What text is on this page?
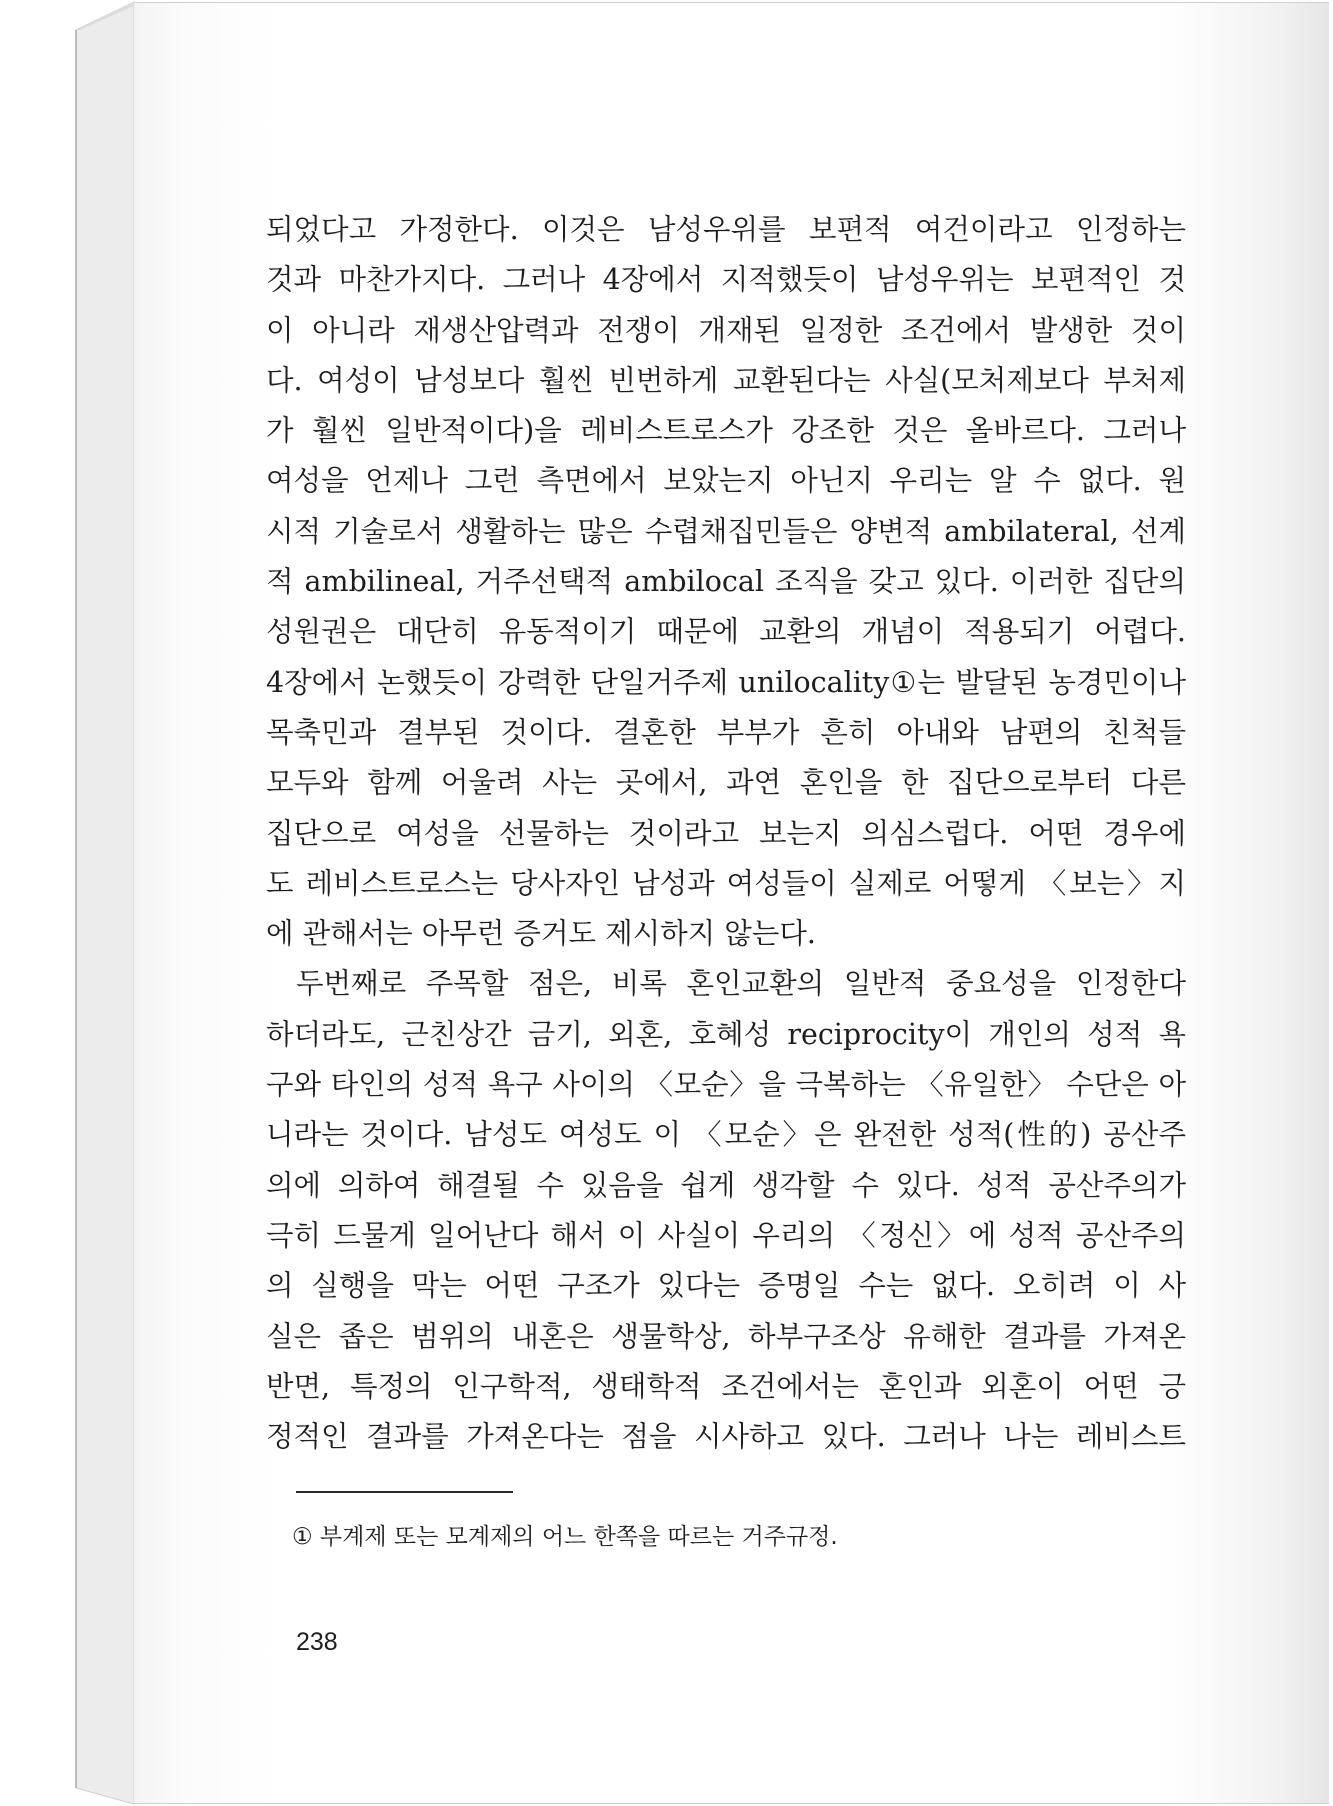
되었다고 가정한다. 이것은 남성우위를 보편적 여건이라고 인정하는
것과 마찬가지다. 그러나 4장에서 지적했듯이 남성우위는 보편적인 것
이 아니라 재생산압력과 전쟁이 개재된 일정한 조건에서 발생한 것이
다. 여성이 남성보다 훨씬 빈번하게 교환된다는 사실(모처제보다 부처제
가 훨씬 일반적이다)을 레비스트로스가 강조한 것은 올바르다. 그러나
여성을 언제나 그런 측면에서 보았는지 아닌지 우리는 알 수 없다. 원
시적 기술로서 생활하는 많은 수렵채집민들은 양변적 ambilateral, 선계
적 ambilineal, 거주선택적 ambilocal 조직을 갖고 있다. 이러한 집단의
성원권은 대단히 유동적이기 때문에 교환의 개념이 적용되기 어렵다.
4장에서 논했듯이 강력한 단일거주제 unilocality①는 발달된 농경민이나
목축민과 결부된 것이다. 결혼한 부부가 흔히 아내와 남편의 친척들
모두와 함께 어울려 사는 곳에서, 과연 혼인을 한 집단으로부터 다른
집단으로 여성을 선물하는 것이라고 보는지 의심스럽다. 어떤 경우에
도 레비스트로스는 당사자인 남성과 여성들이 실제로 어떻게 〈보는〉지
에 관해서는 아무런 증거도 제시하지 않는다.
두번째로 주목할 점은, 비록 혼인교환의 일반적 중요성을 인정한다
하더라도, 근친상간 금기, 외혼, 호혜성 reciprocity이 개인의 성적 욕
구와 타인의 성적 욕구 사이의 〈모순〉을 극복하는 〈유일한〉 수단은 아
니라는 것이다. 남성도 여성도 이 〈모순〉은 완전한 성적(性的) 공산주
의에 의하여 해결될 수 있음을 쉽게 생각할 수 있다. 성적 공산주의가
극히 드물게 일어난다 해서 이 사실이 우리의 〈정신〉에 성적 공산주의
의 실행을 막는 어떤 구조가 있다는 증명일 수는 없다. 오히려 이 사
실은 좁은 범위의 내혼은 생물학상, 하부구조상 유해한 결과를 가져온
반면, 특정의 인구학적, 생태학적 조건에서는 혼인과 외혼이 어떤 긍
정적인 결과를 가져온다는 점을 시사하고 있다. 그러나 나는 레비스트
① 부계제 또는 모계제의 어느 한쪽을 따르는 거주규정.
238
